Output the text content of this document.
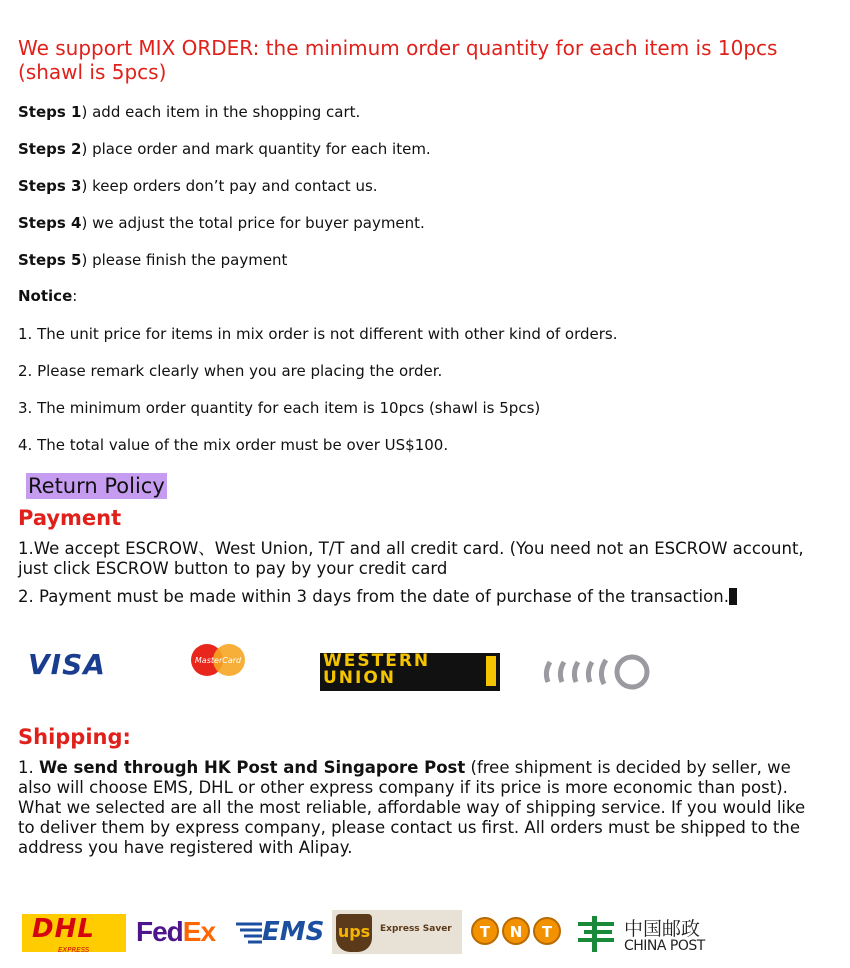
We support MIX ORDER: the minimum order quantity for each item is 10pcs (shawl is 5pcs)
Steps 1) add each item in the shopping cart.
Steps 2) place order and mark quantity for each item.
Steps 3) keep orders don’t pay and contact us.
Steps 4) we adjust the total price for buyer payment.
Steps 5) please finish the payment
Notice:
1. The unit price for items in mix order is not different with other kind of orders.
2. Please remark clearly when you are placing the order.
3. The minimum order quantity for each item is 10pcs (shawl is 5pcs)
4. The total value of the mix order must be over US$100.
Return Policy
Payment
1.We accept ESCROW、West Union, T/T and all credit card. (You need not an ESCROW account, just click ESCROW button to pay by your credit card
2. Payment must be made within 3 days from the date of purchase of the transaction.
VISA	MasterCard	WESTERN
UNION
Shipping:
1. We send through HK Post and Singapore Post (free shipment is decided by seller, we also will choose EMS, DHL or other express company if its price is more economic than post). What we selected are all the most reliable, affordable way of shipping service. If you would like to deliver them by express company, please contact us first. All orders must be shipped to the address you have registered with Alipay.
DHL
EXPRESS
FedEx EMS ups Express Saver T N T	中国邮政
CHINA POST
